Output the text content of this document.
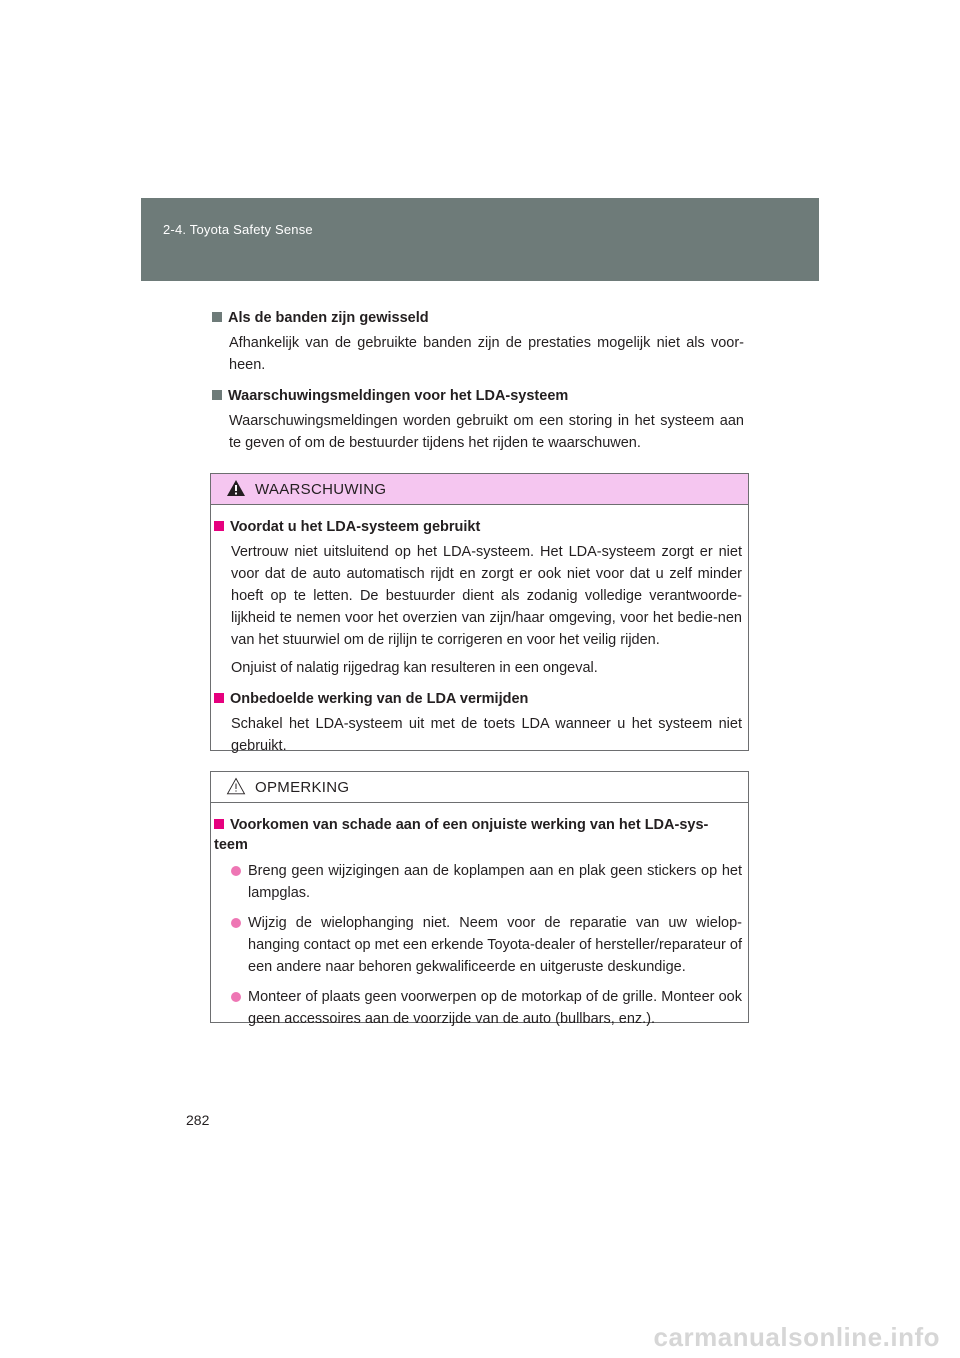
2-4. Toyota Safety Sense

Als de banden zijn gewisseld

Afhankelijk van de gebruikte banden zijn de prestaties mogelijk niet als voor-heen.

Waarschuwingsmeldingen voor het LDA-systeem

Waarschuwingsmeldingen worden gebruikt om een storing in het systeem aan te geven of om de bestuurder tijdens het rijden te waarschuwen.

WAARSCHUWING

Voordat u het LDA-systeem gebruikt

Vertrouw niet uitsluitend op het LDA-systeem. Het LDA-systeem zorgt er niet voor dat de auto automatisch rijdt en zorgt er ook niet voor dat u zelf minder hoeft op te letten. De bestuurder dient als zodanig volledige verantwoorde-lijkheid te nemen voor het overzien van zijn/haar omgeving, voor het bedie-nen van het stuurwiel om de rijlijn te corrigeren en voor het veilig rijden.

Onjuist of nalatig rijgedrag kan resulteren in een ongeval.

Onbedoelde werking van de LDA vermijden

Schakel het LDA-systeem uit met de toets LDA wanneer u het systeem niet gebruikt.

OPMERKING

Voorkomen van schade aan of een onjuiste werking van het LDA-sys-teem

Breng geen wijzigingen aan de koplampen aan en plak geen stickers op het lampglas.
Wijzig de wielophanging niet. Neem voor de reparatie van uw wielop-hanging contact op met een erkende Toyota-dealer of hersteller/reparateur of een andere naar behoren gekwalificeerde en uitgeruste deskundige.
Monteer of plaats geen voorwerpen op de motorkap of de grille. Monteer ook geen accessoires aan de voorzijde van de auto (bullbars, enz.).
282
carmanualsonline.info
